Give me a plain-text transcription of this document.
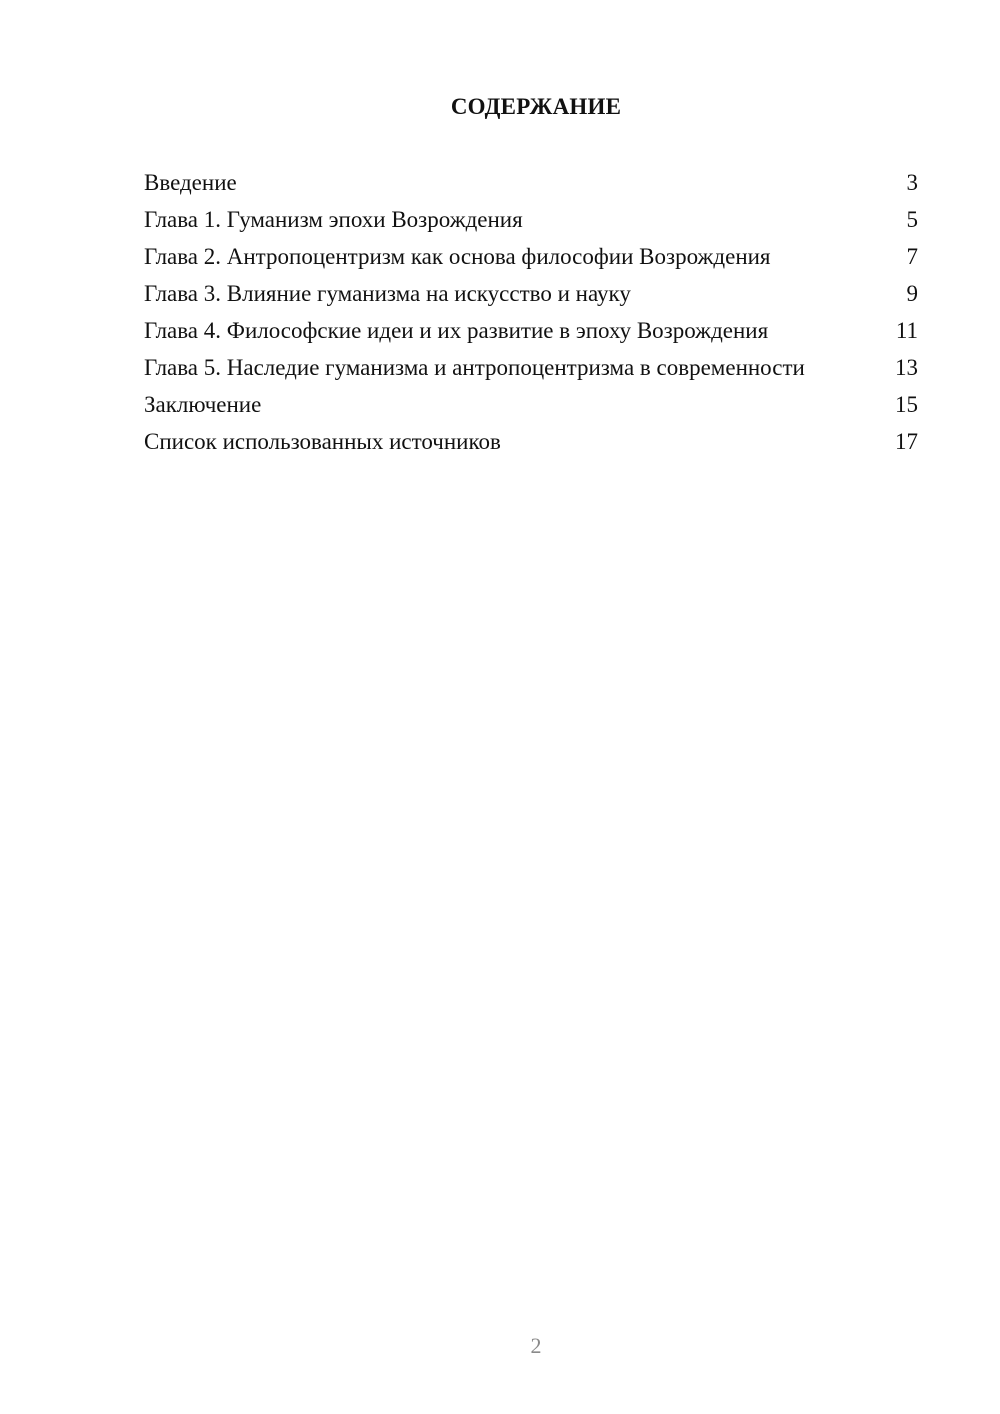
СОДЕРЖАНИЕ
Введение	3
Глава 1. Гуманизм эпохи Возрождения	5
Глава 2. Антропоцентризм как основа философии Возрождения	7
Глава 3. Влияние гуманизма на искусство и науку	9
Глава 4. Философские идеи и их развитие в эпоху Возрождения	11
Глава 5. Наследие гуманизма и антропоцентризма в современности	13
Заключение	15
Список использованных источников	17
2
